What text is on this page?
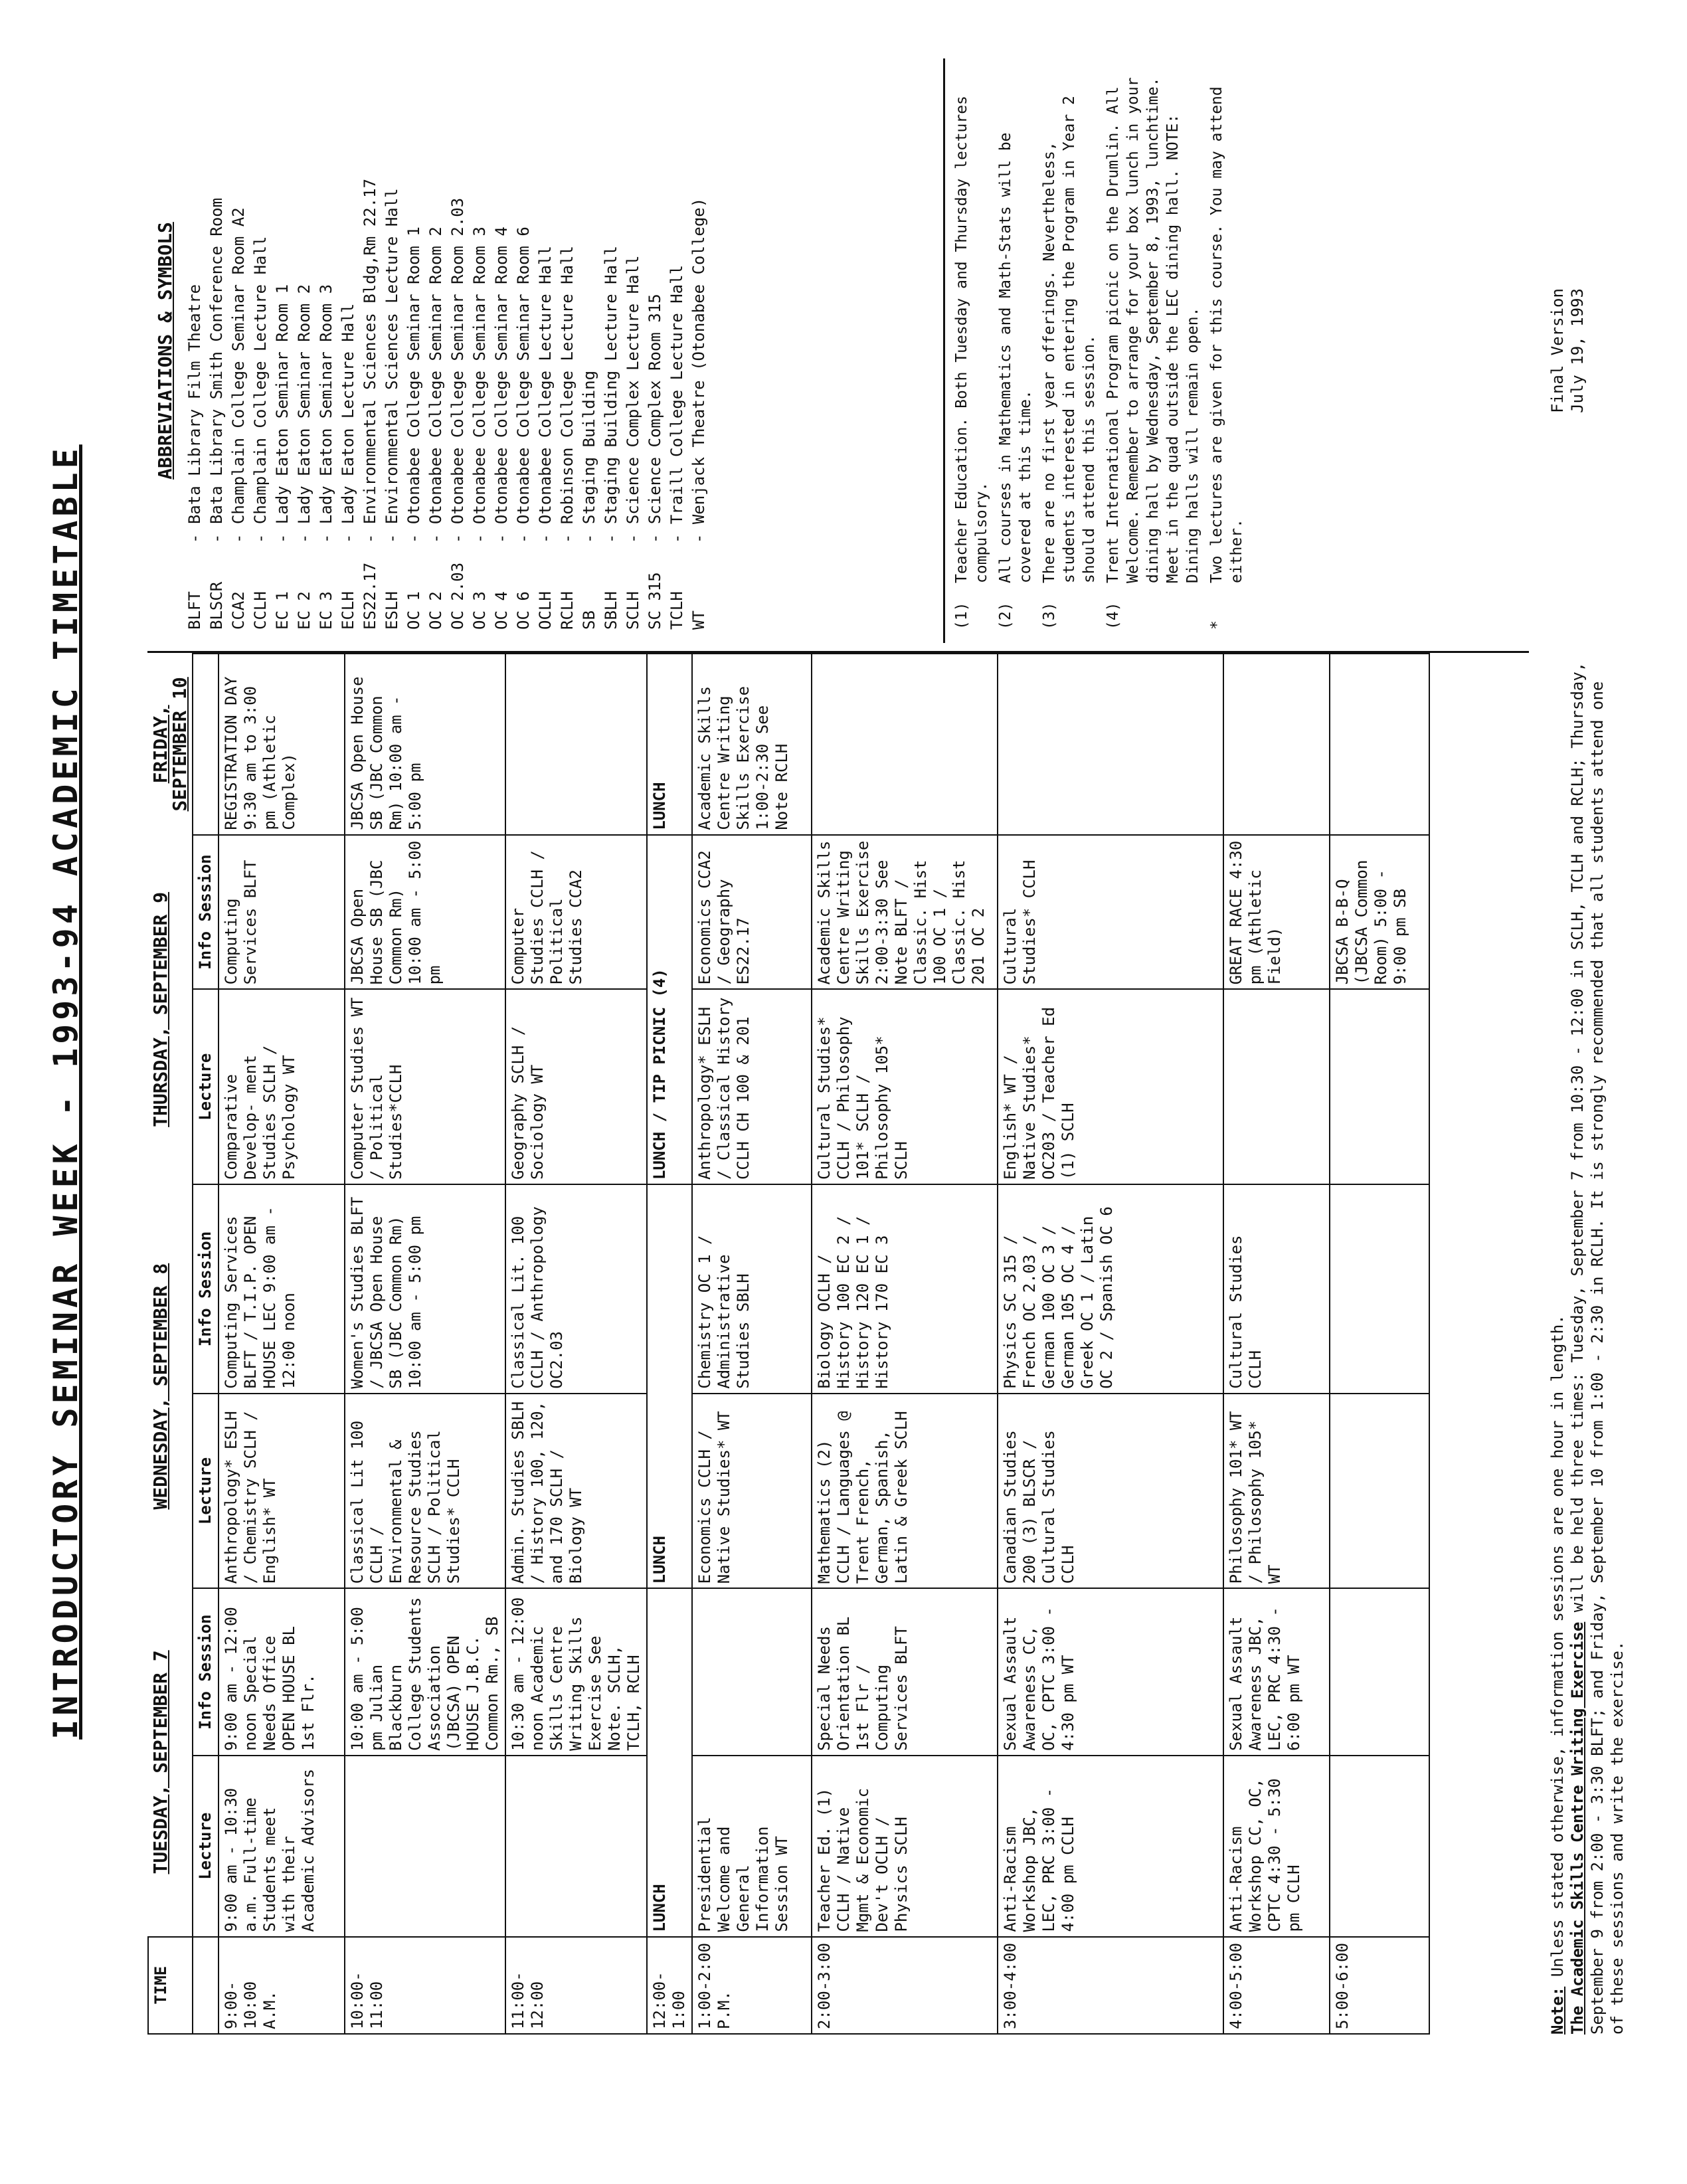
INTRODUCTORY SEMINAR WEEK - 1993-94 ACADEMIC TIMETABLE
TIME	TUESDAY, SEPTEMBER 7		WEDNESDAY, SEPTEMBER 8		THURSDAY, SEPTEMBER 9		FRIDAY, SEPTEMBER 10
	Lecture	Info Session	Lecture	Info Session	Lecture	Info Session	
9:00- 10:00 A.M.	9:00 am - 10:30 a.m. Full-time Students meet with their Academic Advisors	9:00 am - 12:00 noon Special Needs Office OPEN HOUSE BL 1st Flr.	Anthropology* ESLH / Chemistry SCLH / English* WT	Computing Services BLFT / T.I.P. OPEN HOUSE LEC 9:00 am - 12:00 noon	Comparative Develop- ment Studies SCLH / Psychology WT	Computing Services BLFT	REGISTRATION DAY 9:30 am to 3:00 pm (Athletic Complex)
10:00-11:00		10:00 am - 5:00 pm Julian Blackburn College Students Association (JBCSA) OPEN HOUSE J.B.C. Common Rm., SB	Classical Lit 100 CCLH / Environmental & Resource Studies SCLH / Political Studies* CCLH	Women's Studies BLFT / JBCSA Open House SB (JBC Common Rm) 10:00 am - 5:00 pm	Computer Studies WT / Political Studies*CCLH	JBCSA Open House SB (JBC Common Rm) 10:00 am - 5:00 pm	JBCSA Open House SB (JBC Common Rm) 10:00 am - 5:00 pm
11:00-12:00		10:30 am - 12:00 noon Academic Skills Centre Writing Skills Exercise See Note. SCLH, TCLH, RCLH	Admin. Studies SBLH / History 100, 120, and 170 SCLH / Biology WT	Classical Lit. 100 CCLH / Anthropology OC2.03	Geography SCLH / Sociology WT	Computer Studies CCLH / Political Studies CCA2	
12:00-1:00	LUNCH		LUNCH		LUNCH / TIP PICNIC (4)		LUNCH
1:00-2:00 P.M.	Presidential Welcome and General Information Session WT		Economics CCLH / Native Studies* WT	Chemistry OC 1 / Administrative Studies SBLH	Anthropology* ESLH / Classical History CCLH CH 100 & 201	Economics CCA2 / Geography ES22.17	Academic Skills Centre Writing Skills Exercise 1:00-2:30 See Note RCLH
2:00-3:00	Teacher Ed. (1) CCLH / Native Mgmt & Economic Dev't OCLH / Physics SCLH	Special Needs Orientation BL 1st Flr / Computing Services BLFT	Mathematics (2) CCLH / Languages @ Trent French, German, Spanish, Latin & Greek SCLH	Biology OCLH / History 100 EC 2 / History 120 EC 1 / History 170 EC 3	Cultural Studies* CCLH / Philosophy 101* SCLH / Philosophy 105* SCLH	Academic Skills Centre Writing Skills Exercise 2:00-3:30 See Note BLFT / Classic. Hist 100 OC 1 / Classic. Hist 201 OC 2	
3:00-4:00	Anti-Racism Workshop JBC, LEC, PRC 3:00 - 4:00 pm CCLH	Sexual Assault Awareness CC, OC, CPTC 3:00 - 4:30 pm WT	Canadian Studies 200 (3) BLSCR / Cultural Studies CCLH	Physics SC 315 / French OC 2.03 / German 100 OC 3 / German 105 OC 4 / Greek OC 1 / Latin OC 2 / Spanish OC 6	English* WT / Native Studies* OC203 / Teacher Ed (1) SCLH	Cultural Studies* CCLH	
4:00-5:00	Anti-Racism Workshop CC, OC, CPTC 4:30 - 5:30 pm CCLH	Sexual Assault Awareness JBC, LEC, PRC 4:30 - 6:00 pm WT	Philosophy 101* WT / Philosophy 105* WT	Cultural Studies CCLH		GREAT RACE 4:30 pm (Athletic Field)	
5:00-6:00						JBCSA B-B-Q (JBCSA Common Room) 5:00 - 9:00 pm SB	
ABBREVIATIONS & SYMBOLS
BLFT
- Bata Library Film Theatre
BLSCR
- Bata Library Smith Conference Room
CCA2
- Champlain College Seminar Room A2
CCLH
- Champlain College Lecture Hall
EC 1
- Lady Eaton Seminar Room 1
EC 2
- Lady Eaton Seminar Room 2
EC 3
- Lady Eaton Seminar Room 3
ECLH
- Lady Eaton Lecture Hall
ES22.17
- Environmental Sciences Bldg,Rm 22.17
ESLH
- Environmental Sciences Lecture Hall
OC 1
- Otonabee College Seminar Room 1
OC 2
- Otonabee College Seminar Room 2
OC 2.03
- Otonabee College Seminar Room 2.03
OC 3
- Otonabee College Seminar Room 3
OC 4
- Otonabee College Seminar Room 4
OC 6
- Otonabee College Seminar Room 6
OCLH
- Otonabee College Lecture Hall
RCLH
- Robinson College Lecture Hall
SB
- Staging Building
SBLH
- Staging Building Lecture Hall
SCLH
- Science Complex Lecture Hall
SC 315
- Science Complex Room 315
TCLH
- Traill College Lecture Hall
WT
- Wenjack Theatre (Otonabee College)
(1)
Teacher Education. Both Tuesday and Thursday lectures compulsory.
(2)
All courses in Mathematics and Math-Stats will be covered at this time.
(3)
There are no first year offerings. Nevertheless, students interested in entering the Program in Year 2 should attend this session.
(4)
Trent International Program picnic on the Drumlin. All Welcome. Remember to arrange for your box lunch in your dining hall by Wednesday, September 8, 1993, lunchtime. Meet in the quad outside the LEC dining hall. NOTE: Dining halls will remain open.
*
Two lectures are given for this course. You may attend either.
Final Version July 19, 1993
Note: Unless stated otherwise, information sessions are one hour in length. The Academic Skills Centre Writing Exercise will be held three times: Tuesday, September 7 from 10:30 - 12:00 in SCLH, TCLH and RCLH; Thursday, September 9 from 2:00 - 3:30 BLFT; and Friday, September 10 from 1:00 - 2:30 in RCLH. It is strongly recommended that all students attend one of these sessions and write the exercise.
